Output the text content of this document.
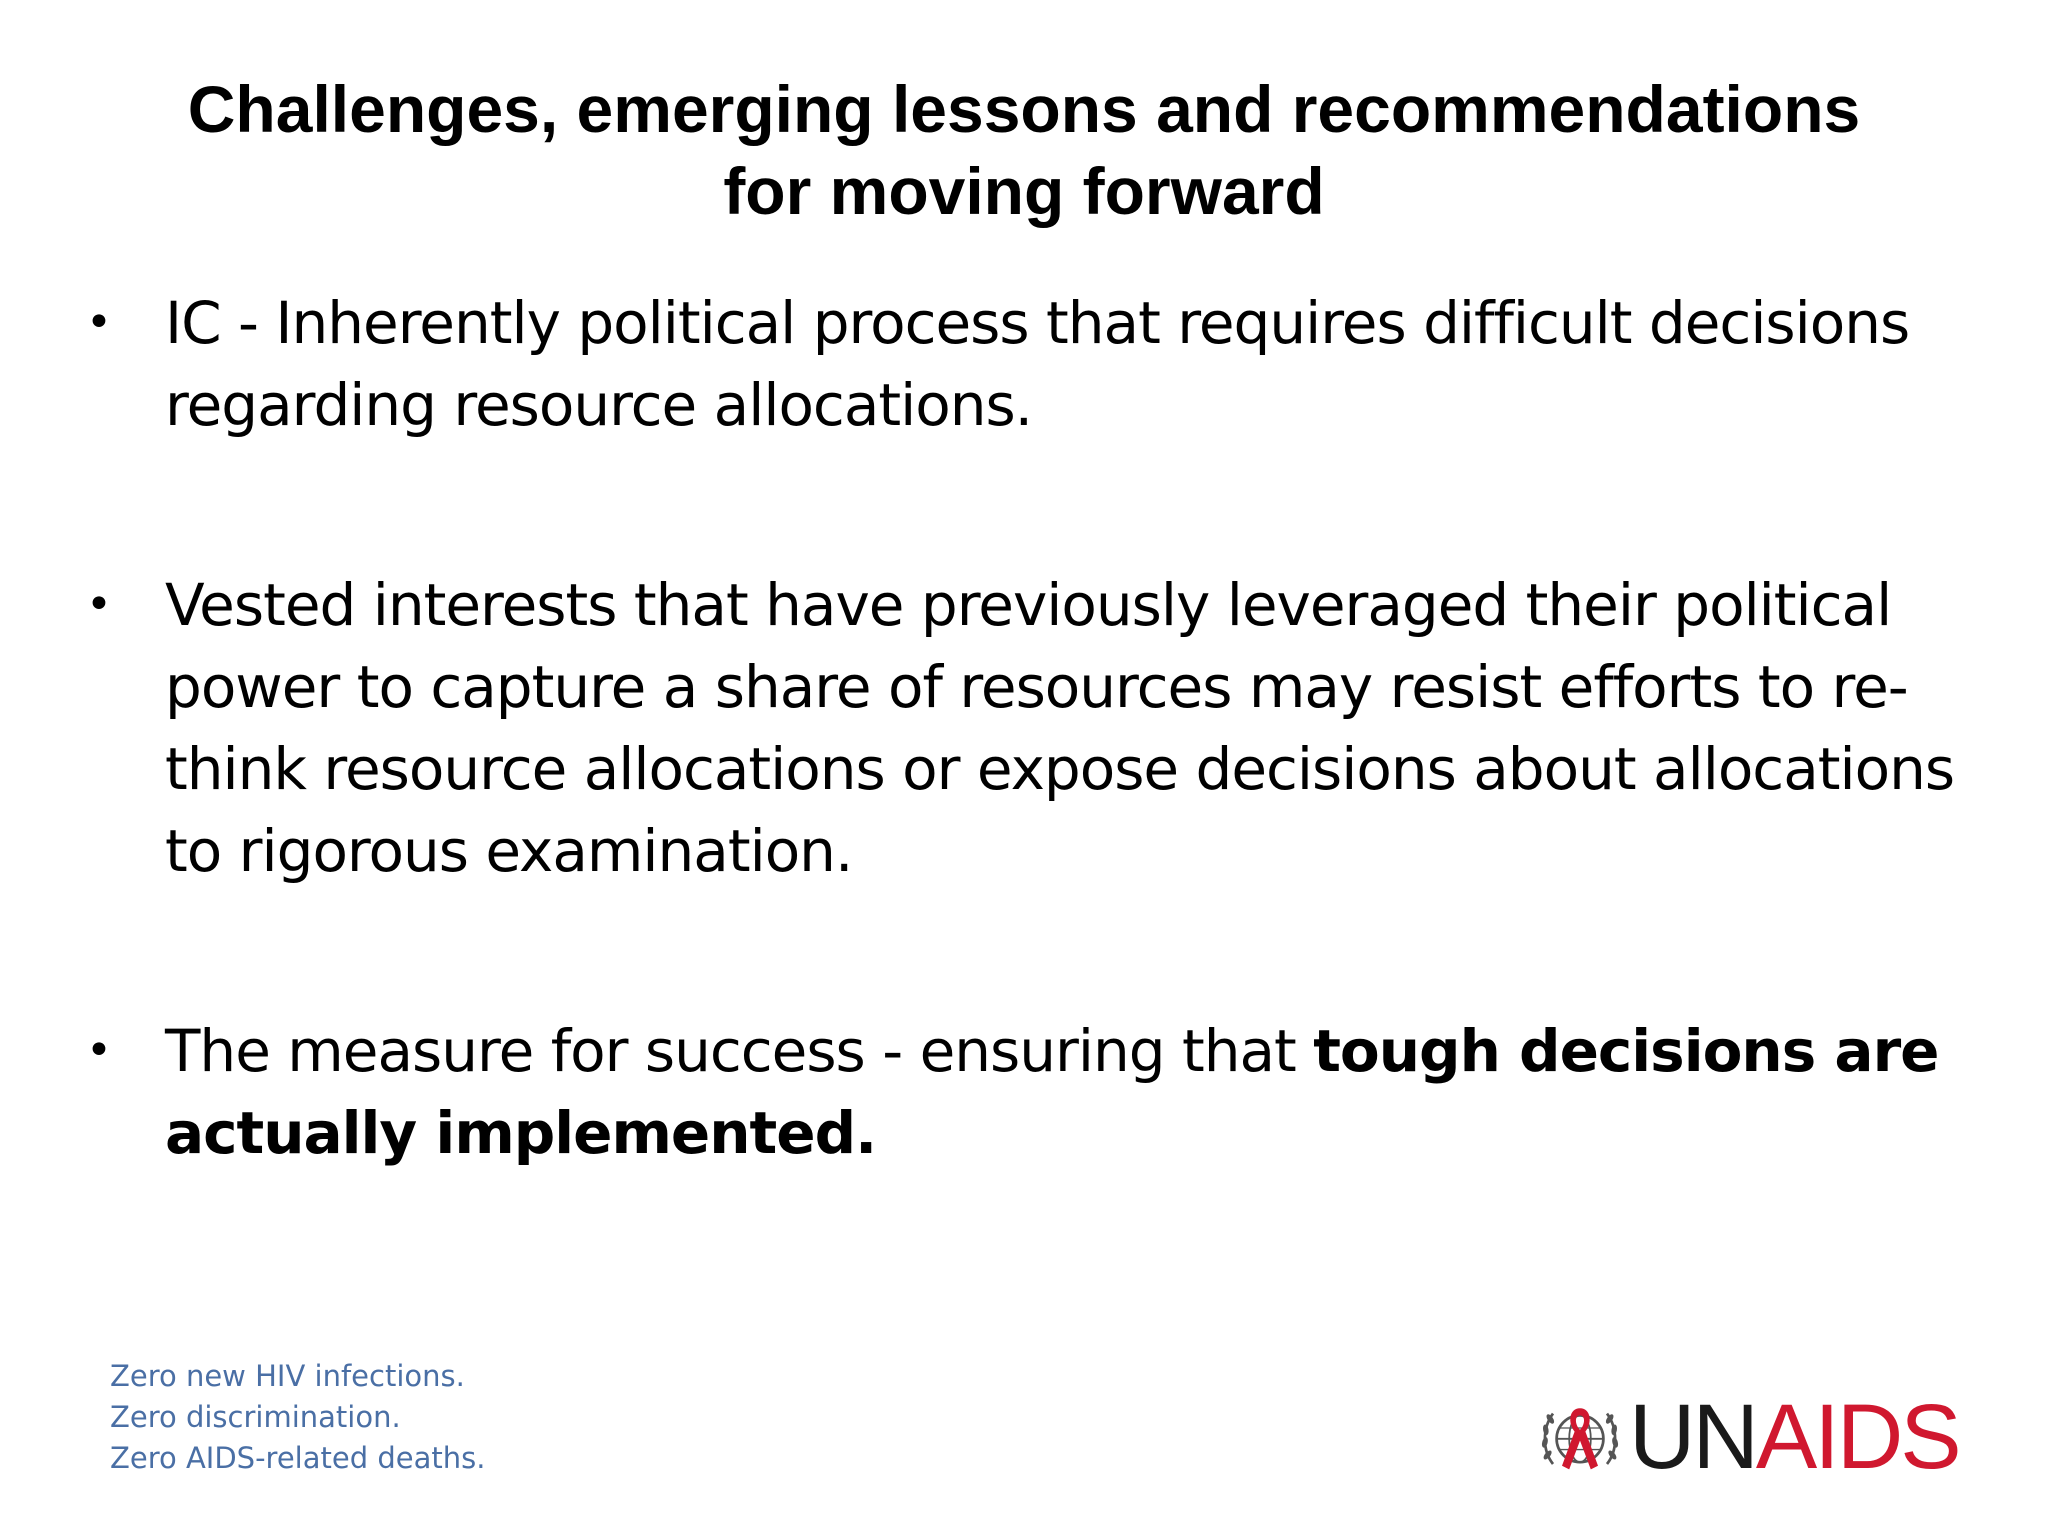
Challenges, emerging lessons and recommendations
for moving forward
• IC - Inherently political process that requires difficult decisions regarding resource allocations.
• Vested interests that have previously leveraged their political power to capture a share of resources may resist efforts to re-think resource allocations or expose decisions about allocations to rigorous examination.
• The measure for success - ensuring that tough decisions are actually implemented.
Zero new HIV infections.
Zero discrimination.
Zero AIDS-related deaths.	UNAIDS
